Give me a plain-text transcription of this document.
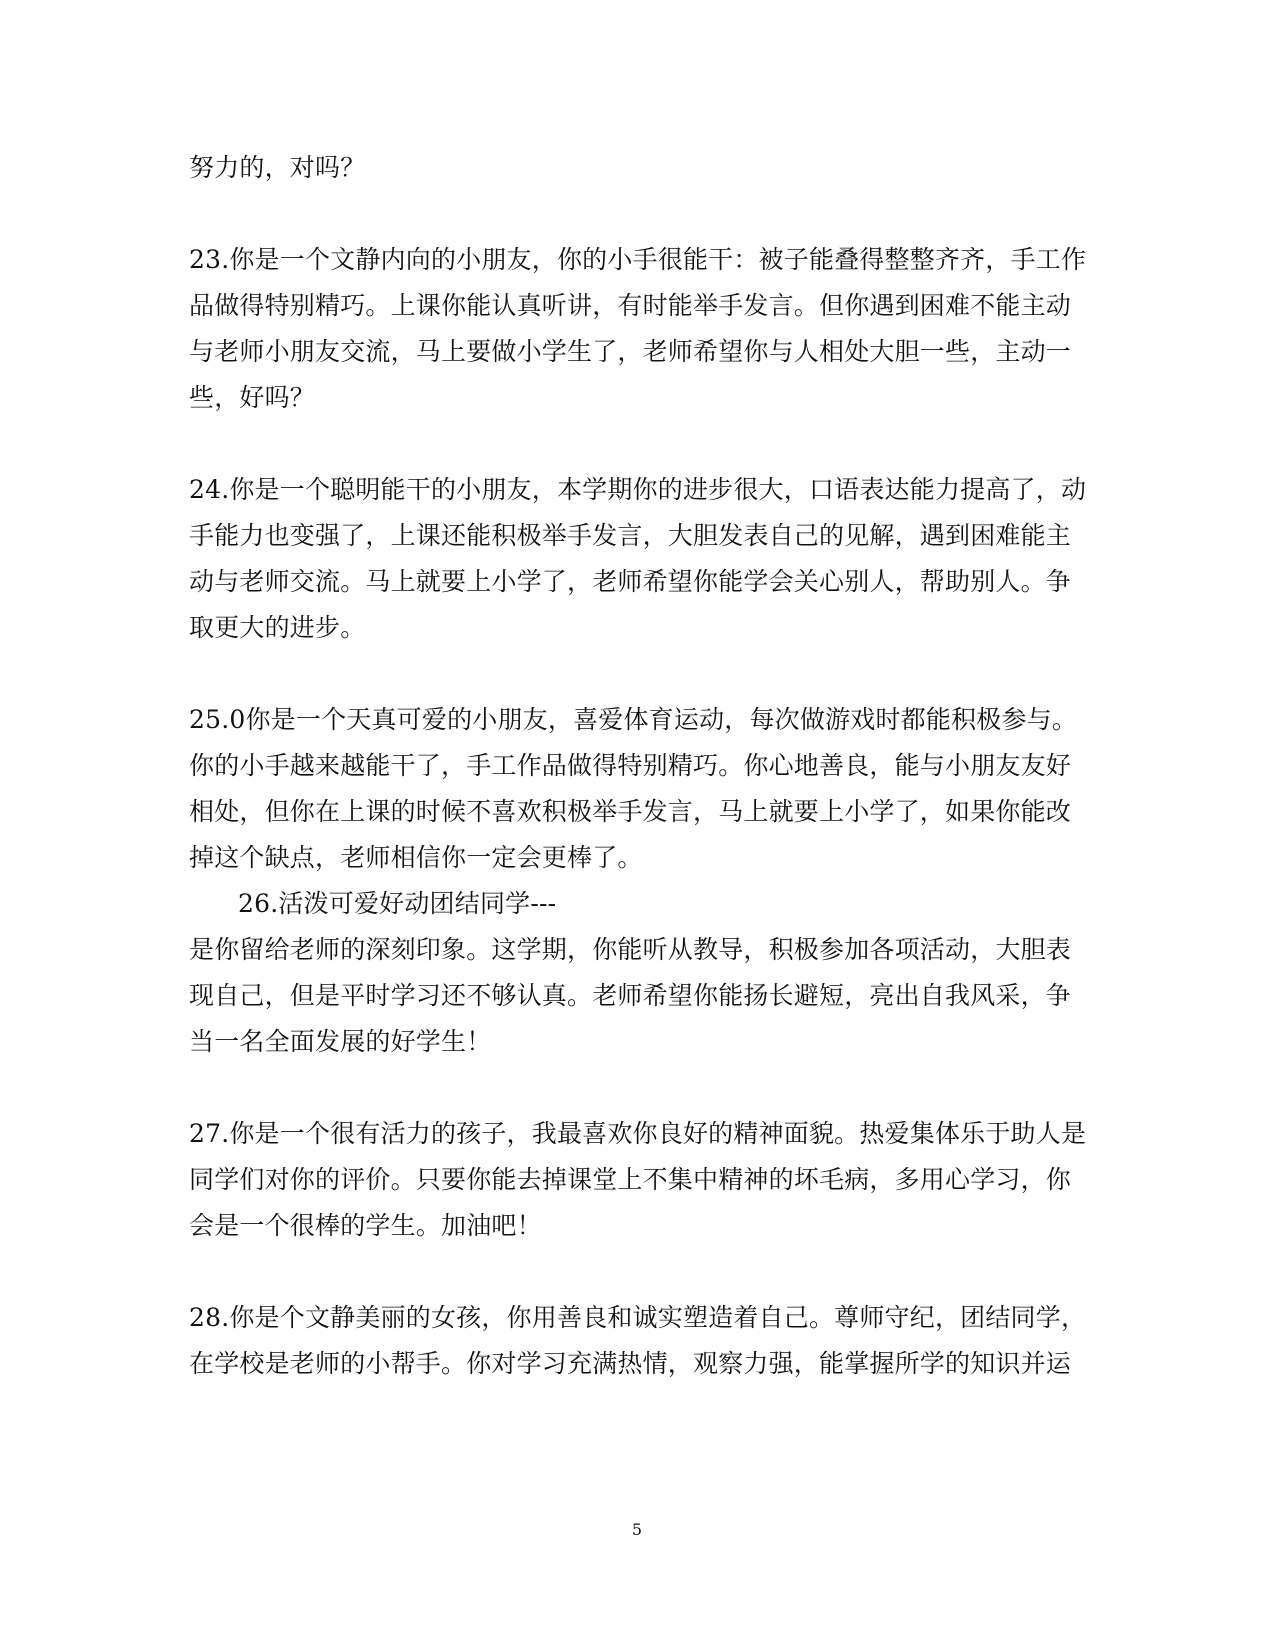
努力的，对吗？
23.你是一个文静内向的小朋友，你的小手很能干：被子能叠得整整齐齐，手工作
品做得特别精巧。上课你能认真听讲，有时能举手发言。但你遇到困难不能主动
与老师小朋友交流，马上要做小学生了，老师希望你与人相处大胆一些，主动一
些，好吗？
24.你是一个聪明能干的小朋友，本学期你的进步很大，口语表达能力提高了，动
手能力也变强了，上课还能积极举手发言，大胆发表自己的见解，遇到困难能主
动与老师交流。马上就要上小学了，老师希望你能学会关心别人，帮助别人。争
取更大的进步。
25.0你是一个天真可爱的小朋友，喜爱体育运动，每次做游戏时都能积极参与。
你的小手越来越能干了，手工作品做得特别精巧。你心地善良，能与小朋友友好
相处，但你在上课的时候不喜欢积极举手发言，马上就要上小学了，如果你能改
掉这个缺点，老师相信你一定会更棒了。
26.活泼可爱好动团结同学---
是你留给老师的深刻印象。这学期，你能听从教导，积极参加各项活动，大胆表
现自己，但是平时学习还不够认真。老师希望你能扬长避短，亮出自我风采，争
当一名全面发展的好学生！
27.你是一个很有活力的孩子，我最喜欢你良好的精神面貌。热爱集体乐于助人是
同学们对你的评价。只要你能去掉课堂上不集中精神的坏毛病，多用心学习，你
会是一个很棒的学生。加油吧！
28.你是个文静美丽的女孩，你用善良和诚实塑造着自己。尊师守纪，团结同学，
在学校是老师的小帮手。你对学习充满热情，观察力强，能掌握所学的知识并运
5
